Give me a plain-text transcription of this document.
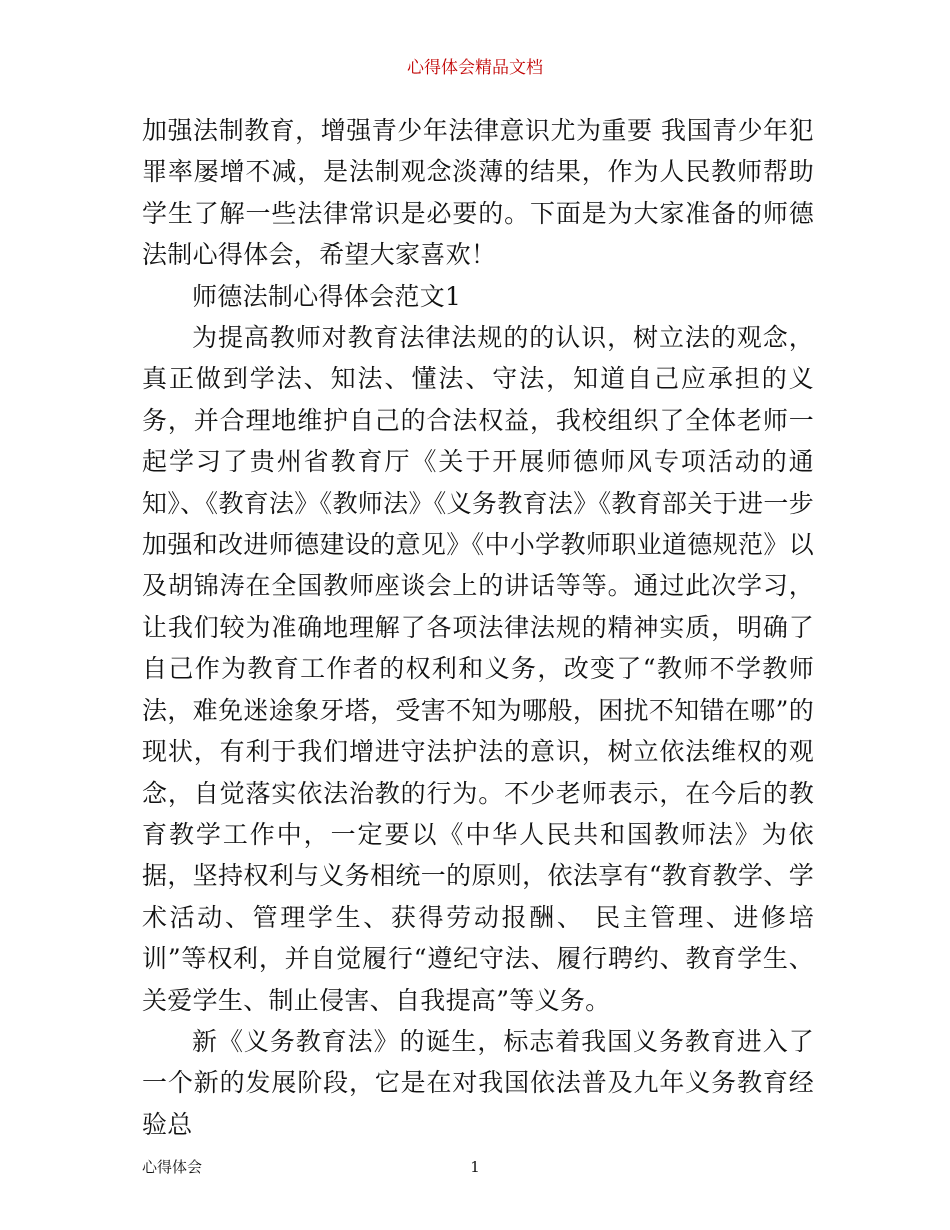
心得体会精品文档

加强法制教育，增强青少年法律意识尤为重要 我国青少年犯罪率屡增不减，是法制观念淡薄的结果，作为人民教师帮助学生了解一些法律常识是必要的。下面是为大家准备的师德法制心得体会，希望大家喜欢！

师德法制心得体会范文1

为提高教师对教育法律法规的的认识，树立法的观念，真正做到学法、知法、懂法、守法，知道自己应承担的义务，并合理地维护自己的合法权益，我校组织了全体老师一起学习了贵州省教育厅《关于开展师德师风专项活动的通知》、《教育法》《教师法》《义务教育法》《教育部关于进一步加强和改进师德建设的意见》《中小学教师职业道德规范》以及胡锦涛在全国教师座谈会上的讲话等等。通过此次学习，让我们较为准确地理解了各项法律法规的精神实质，明确了自己作为教育工作者的权利和义务，改变了“教师不学教师法，难免迷途象牙塔，受害不知为哪般，困扰不知错在哪”的现状，有利于我们增进守法护法的意识，树立依法维权的观念，自觉落实依法治教的行为。不少老师表示，在今后的教育教学工作中，一定要以《中华人民共和国教师法》为依据，坚持权利与义务相统一的原则，依法享有“教育教学、学术活动、管理学生、获得劳动报酬、 民主管理、进修培训”等权利，并自觉履行“遵纪守法、履行聘约、教育学生、关爱学生、制止侵害、自我提高”等义务。

新《义务教育法》的诞生，标志着我国义务教育进入了一个新的发展阶段，它是在对我国依法普及九年义务教育经验总

心得体会	1
